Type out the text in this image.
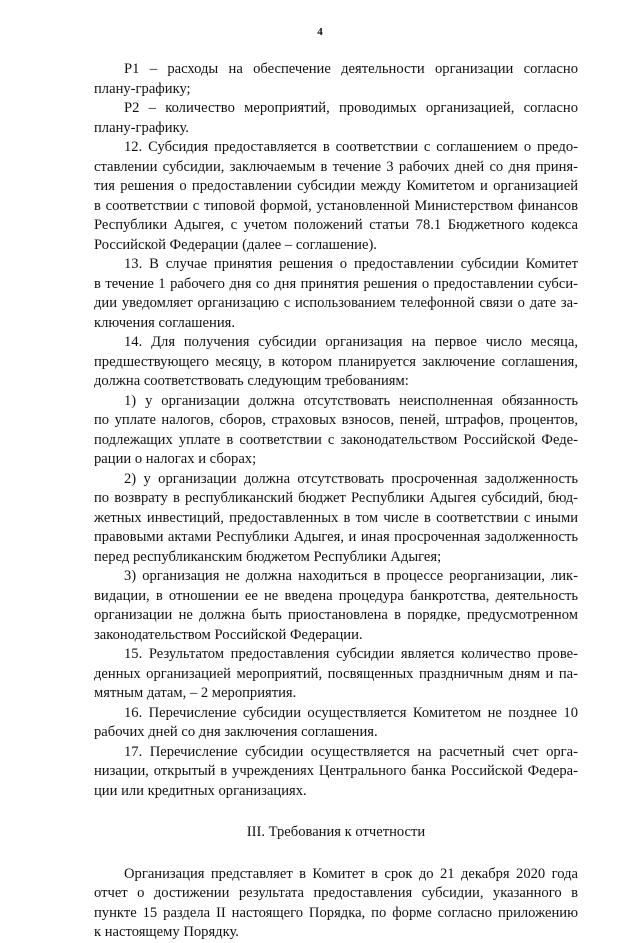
4
Р1 – расходы на обеспечение деятельности организации согласно
плану-графику;
Р2 – количество мероприятий, проводимых организацией, согласно
плану-графику.
12. Субсидия предоставляется в соответствии с соглашением о предо-
ставлении субсидии, заключаемым в течение 3 рабочих дней со дня приня-
тия решения о предоставлении субсидии между Комитетом и организацией
в соответствии с типовой формой, установленной Министерством финансов
Республики Адыгея, с учетом положений статьи 78.1 Бюджетного кодекса
Российской Федерации (далее – соглашение).
13. В случае принятия решения о предоставлении субсидии Комитет
в течение 1 рабочего дня со дня принятия решения о предоставлении субси-
дии уведомляет организацию с использованием телефонной связи о дате за-
ключения соглашения.
14. Для получения субсидии организация на первое число месяца,
предшествующего месяцу, в котором планируется заключение соглашения,
должна соответствовать следующим требованиям:
1) у организации должна отсутствовать неисполненная обязанность
по уплате налогов, сборов, страховых взносов, пеней, штрафов, процентов,
подлежащих уплате в соответствии с законодательством Российской Феде-
рации о налогах и сборах;
2) у организации должна отсутствовать просроченная задолженность
по возврату в республиканский бюджет Республики Адыгея субсидий, бюд-
жетных инвестиций, предоставленных в том числе в соответствии с иными
правовыми актами Республики Адыгея, и иная просроченная задолженность
перед республиканским бюджетом Республики Адыгея;
3) организация не должна находиться в процессе реорганизации, лик-
видации, в отношении ее не введена процедура банкротства, деятельность
организации не должна быть приостановлена в порядке, предусмотренном
законодательством Российской Федерации.
15. Результатом предоставления субсидии является количество прове-
денных организацией мероприятий, посвященных праздничным дням и па-
мятным датам, – 2 мероприятия.
16. Перечисление субсидии осуществляется Комитетом не позднее 10
рабочих дней со дня заключения соглашения.
17. Перечисление субсидии осуществляется на расчетный счет орга-
низации, открытый в учреждениях Центрального банка Российской Федера-
ции или кредитных организациях.
III. Требования к отчетности
Организация представляет в Комитет в срок до 21 декабря 2020 года
отчет о достижении результата предоставления субсидии, указанного в
пункте 15 раздела II настоящего Порядка, по форме согласно приложению
к настоящему Порядку.
